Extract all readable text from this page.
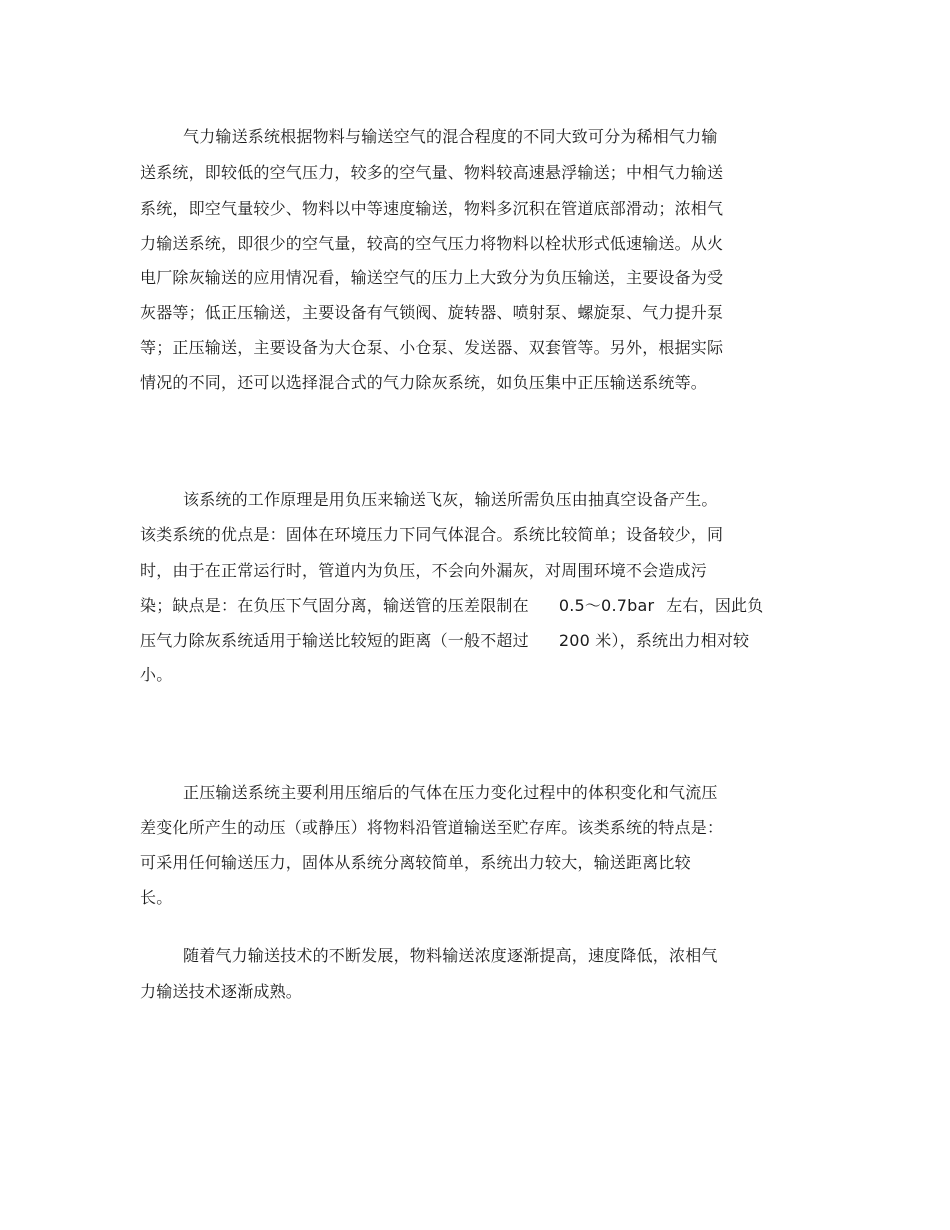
气力输送系统根据物料与输送空气的混合程度的不同大致可分为稀相气力输
送系统，即较低的空气压力，较多的空气量、物料较高速悬浮输送；中相气力输送
系统，即空气量较少、物料以中等速度输送，物料多沉积在管道底部滑动；浓相气
力输送系统，即很少的空气量，较高的空气压力将物料以栓状形式低速输送。从火
电厂除灰输送的应用情况看，输送空气的压力上大致分为负压输送，主要设备为受
灰器等；低正压输送，主要设备有气锁阀、旋转器、喷射泵、螺旋泵、气力提升泵
等；正压输送，主要设备为大仓泵、小仓泵、发送器、双套管等。另外，根据实际
情况的不同，还可以选择混合式的气力除灰系统，如负压集中正压输送系统等。
该系统的工作原理是用负压来输送飞灰，输送所需负压由抽真空设备产生。
该类系统的优点是：固体在环境压力下同气体混合。系统比较简单；设备较少，同
时，由于在正常运行时，管道内为负压，不会向外漏灰，对周围环境不会造成污
染；缺点是：在负压下气固分离，输送管的压差限制在 0.5～0.7bar 左右，因此负
压气力除灰系统适用于输送比较短的距离（一般不超过 200 米），系统出力相对较
小。
正压输送系统主要利用压缩后的气体在压力变化过程中的体积变化和气流压
差变化所产生的动压（或静压）将物料沿管道输送至贮存库。该类系统的特点是：
可采用任何输送压力，固体从系统分离较简单，系统出力较大，输送距离比较
长。
随着气力输送技术的不断发展，物料输送浓度逐渐提高，速度降低，浓相气
力输送技术逐渐成熟。
